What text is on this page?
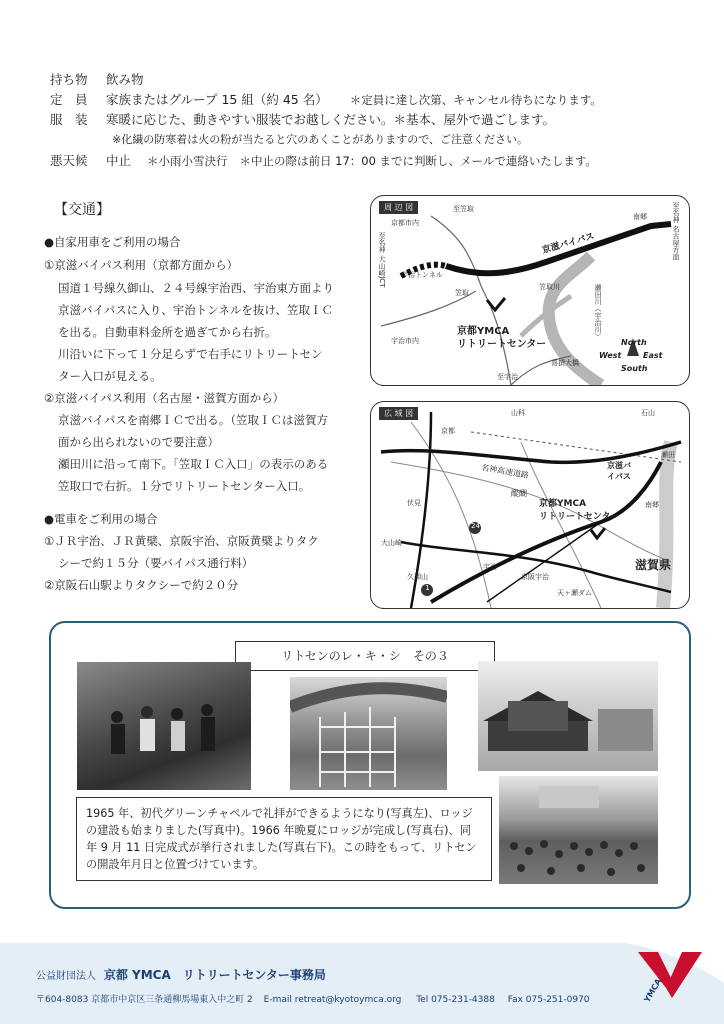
持ち物 飲み物
定　員 家族またはグループ 15 組（約 45 名） ＊定員に達し次第、キャンセル待ちになります。
服　装 寒暖に応じた、動きやすい服装でお越しください。＊基本、屋外で過ごします。
※化繊の防寒着は火の粉が当たると穴のあくことがありますので、ご注意ください。
悪天候 中止 ＊小雨小雪決行 ＊中止の際は前日 17：00 までに判断し、メールで連絡いたします。
【交通】
●自家用車をご利用の場合
①京滋バイパス利用（京都方面から）
国道１号線久御山、２４号線宇治西、宇治東方面より
京滋バイパスに入り、宇治トンネルを抜け、笠取ＩＣ
を出る。自動車料金所を過ぎてから右折。
川沿いに下って１分足らずで右手にリトリートセン
ター入口が見える。
②京滋バイパス利用（名古屋・滋賀方面から）
京滋バイパスを南郷ＩＣで出る。（笠取ＩＣは滋賀方
面から出られないので要注意）
瀬田川に沿って南下。「笠取ＩＣ入口」の表示のある
笠取口で右折。１分でリトリートセンター入口。
●電車をご利用の場合
①ＪＲ宇治、ＪＲ黄檗、京阪宇治、京阪黄檗よりタク
シーで約１５分（要バイパス通行料）
②京阪石山駅よりタクシーで約２０分
周 辺 図
京都市内
至笠取
京滋バイパス
南郷	至名神 名古屋方面
至名神 大山崎JCT 宇治トンネル
笠取
笠取川	瀬田川（宇治川）
京都YMCA
リトリートセンター
宇治市内
喜撰大橋
至宇治
North
West	East
South
広 域 図	山科
京都
石山
瀬田
名神高速道路	京滋バイパス
醍醐
南郷
京都YMCA
リトリートセンター
伏見
大山崎
久御山
宇治
京阪宇治
天ヶ瀬ダム
滋賀県
24
1
リトセンのレ・キ・シ　その３
1965 年、初代グリーンチャペルで礼拝ができるようになり(写真左)、ロッジの建設も始まりました(写真中)。1966 年晩夏にロッジが完成し(写真右)、同年 9 月 11 日完成式が挙行されました(写真右下)。この時をもって、リトセンの開設年月日と位置づけています。
公益財団法人 京都 YMCA　リトリートセンター事務局
〒604-8083 京都市中京区三条通柳馬場東入中之町 2 E-mail retreat@kyotoymca.org Tel 075-231-4388 Fax 075-251-0970	YMCA
